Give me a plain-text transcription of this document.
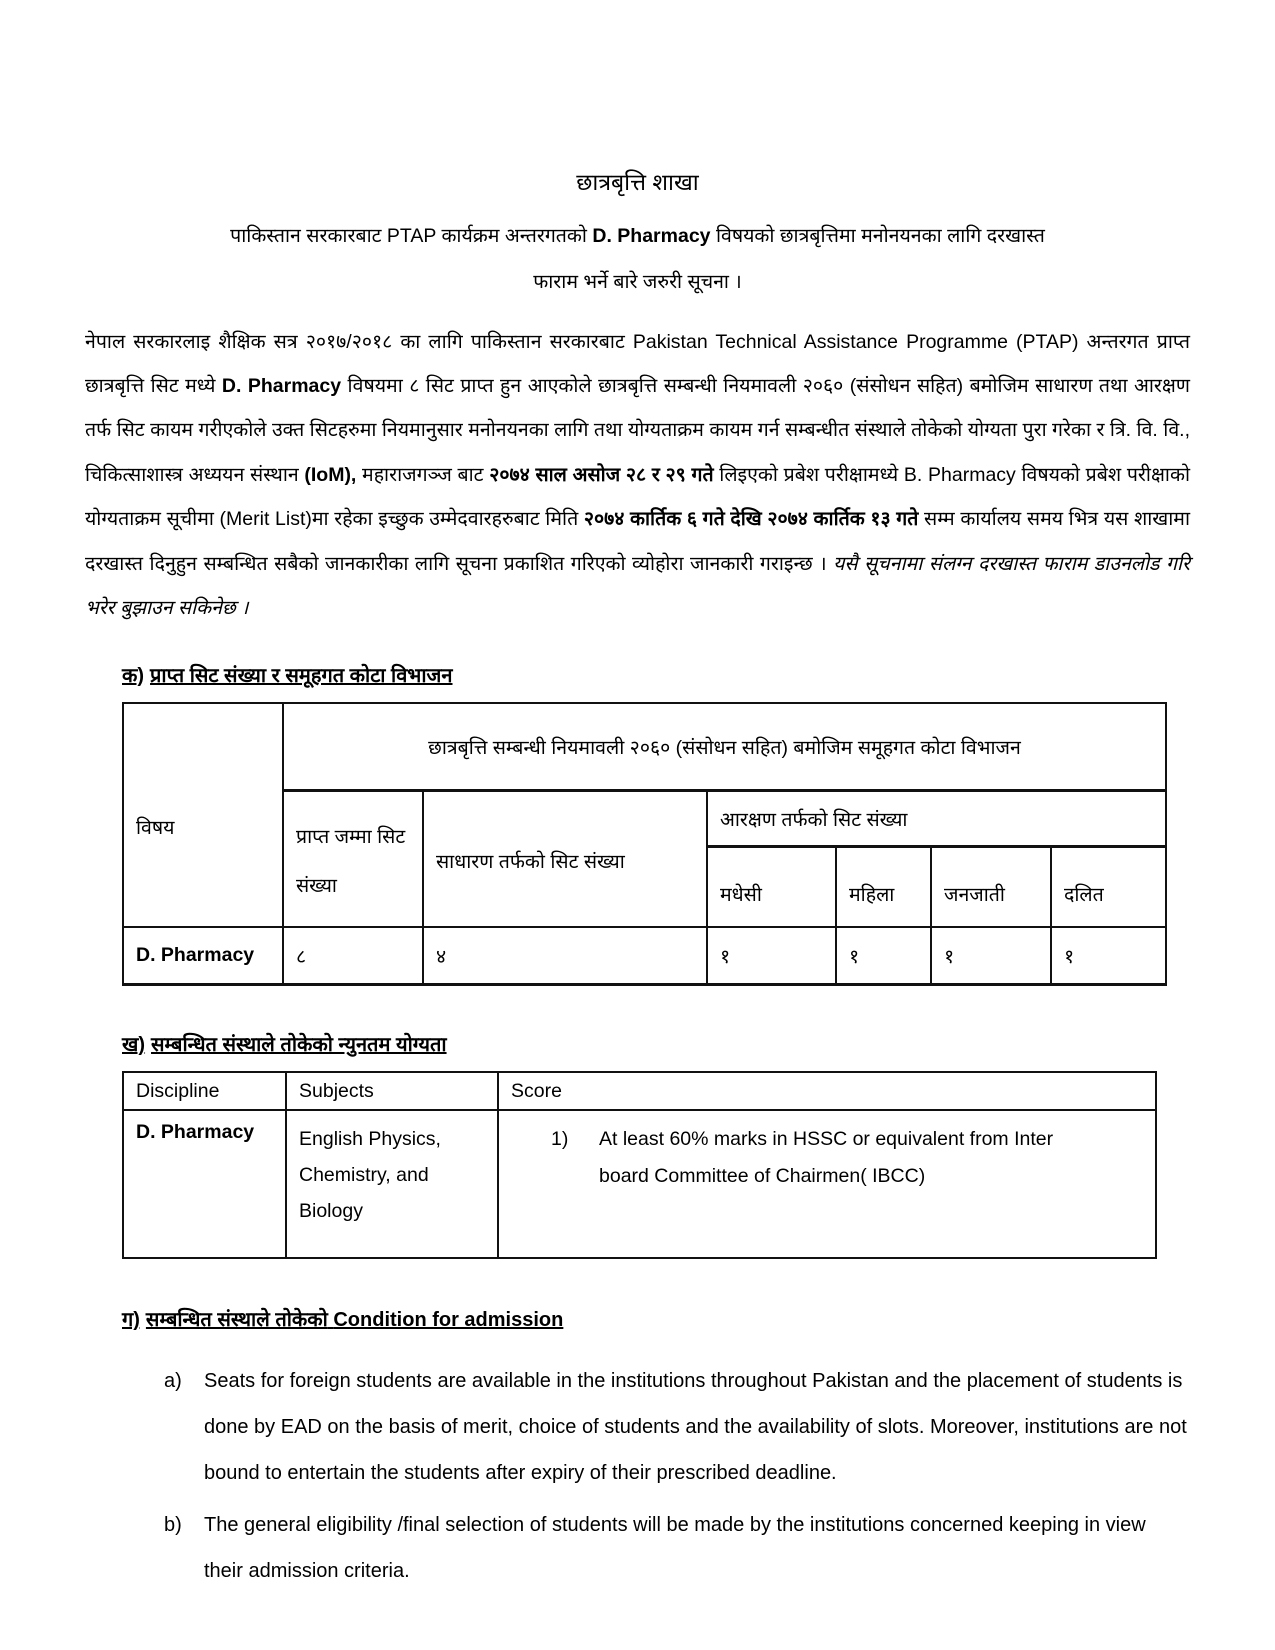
छात्रबृत्ति शाखा
पाकिस्तान सरकारबाट PTAP कार्यक्रम अन्तरगतको D. Pharmacy विषयको छात्रबृत्तिमा मनोनयनका लागि दरखास्त
फाराम भर्ने बारे जरुरी सूचना ।
नेपाल सरकारलाइ शैक्षिक सत्र २०१७/२०१८ का लागि पाकिस्तान सरकारबाट Pakistan Technical Assistance Programme (PTAP) अन्तरगत प्राप्त छात्रबृत्ति सिट मध्ये D. Pharmacy विषयमा ८ सिट प्राप्त हुन आएकोले छात्रबृत्ति सम्बन्धी नियमावली २०६० (संसोधन सहित) बमोजिम साधारण तथा आरक्षण तर्फ सिट कायम गरीएकोले उक्त सिटहरुमा नियमानुसार मनोनयनका लागि तथा योग्यताक्रम कायम गर्न सम्बन्धीत संस्थाले तोकेको योग्यता पुरा गरेका र त्रि. वि. वि., चिकित्साशास्त्र अध्ययन संस्थान (IoM), महाराजगञ्ज बाट २०७४ साल असोज २८ र २९ गते लिइएको प्रबेश परीक्षामध्ये B. Pharmacy विषयको प्रबेश परीक्षाको योग्यताक्रम सूचीमा (Merit List)मा रहेका इच्छुक उम्मेदवारहरुबाट मिति २०७४ कार्तिक ६ गते देखि २०७४ कार्तिक १३ गते सम्म कार्यालय समय भित्र यस शाखामा दरखास्त दिनुहुन सम्बन्धित सबैको जानकारीका लागि सूचना प्रकाशित गरिएको व्योहोरा जानकारी गराइन्छ । यसै सूचनामा संलग्न दरखास्त फाराम डाउनलोड गरि भरेर बुझाउन सकिनेछ ।

क) प्राप्त सिट संख्या र समूहगत कोटा विभाजन

विषय	छात्रबृत्ति सम्बन्धी नियमावली २०६० (संसोधन सहित) बमोजिम समूहगत कोटा विभाजन					
	प्राप्त जम्मा सिट संख्या	साधारण तर्फको सिट संख्या	आरक्षण तर्फको सिट संख्या			
			मधेसी	महिला	जनजाती	दलित
D. Pharmacy	८	४	१	१	१	१

ख) सम्बन्धित संस्थाले तोकेको न्युनतम योग्यता

Discipline	Subjects	Score
D. Pharmacy	English Physics, Chemistry, and Biology	1) At least 60% marks in HSSC or equivalent from Inter board Committee of Chairmen( IBCC)

ग) सम्बन्धित संस्थाले तोकेको Condition for admission

a)	Seats for foreign students are available in the institutions throughout Pakistan and the placement of students is done by EAD on the basis of merit, choice of students and the availability of slots. Moreover, institutions are not bound to entertain the students after expiry of their prescribed deadline.
b)	The general eligibility /final selection of students will be made by the institutions concerned keeping in view their admission criteria.
